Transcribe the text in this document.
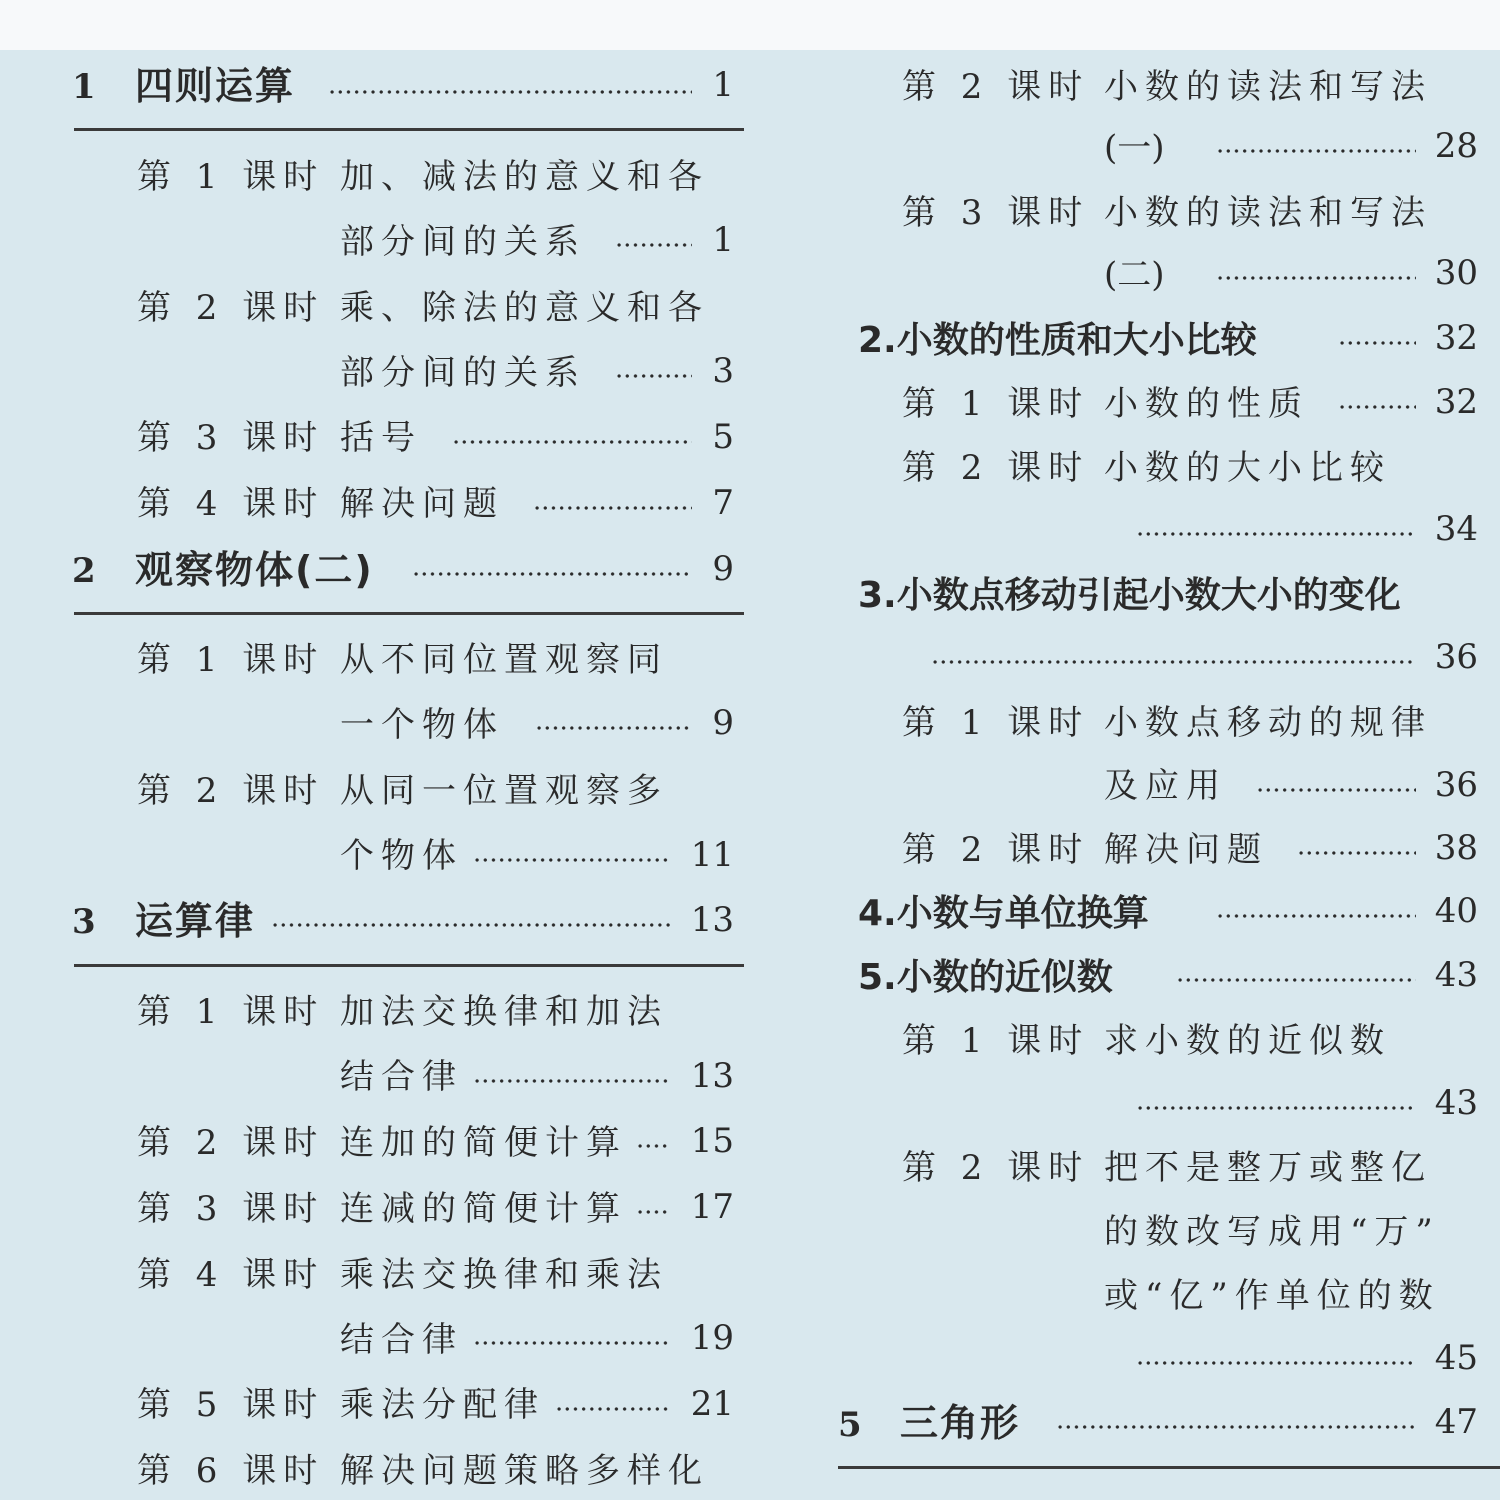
1 四则运算	1
第 1 课时 加、减法的意义和各
部分间的关系	1
第 2 课时 乘、除法的意义和各
部分间的关系	3
第 3 课时 括号	5
第 4 课时 解决问题	7
2 观察物体(二)	9
第 1 课时 从不同位置观察同
一个物体	9
第 2 课时 从同一位置观察多
个物体	11
3 运算律	13
第 1 课时 加法交换律和加法
结合律	13
第 2 课时 连加的简便计算 15
第 3 课时 连减的简便计算 17
第 4 课时 乘法交换律和乘法
结合律	19
第 5 课时 乘法分配律	21
第 6 课时 解决问题策略多样化
第 2 课时 小数的读法和写法
(一)	28
第 3 课时 小数的读法和写法
(二)	30
2.小数的性质和大小比较	32
第 1 课时 小数的性质	32
第 2 课时 小数的大小比较
34
3.小数点移动引起小数大小的变化
36
第 1 课时 小数点移动的规律
及应用	36
第 2 课时 解决问题	38
4.小数与单位换算	40
5.小数的近似数	43
第 1 课时 求小数的近似数
43
第 2 课时 把不是整万或整亿
的数改写成用“万”
或“亿”作单位的数
45
5 三角形	47
